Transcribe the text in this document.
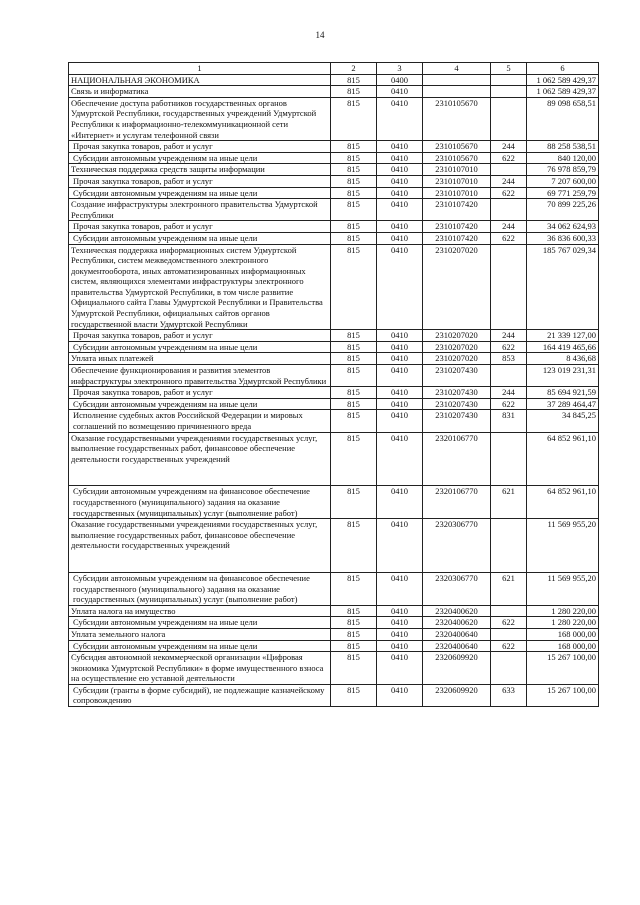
14
1	2	3	4	5	6
НАЦИОНАЛЬНАЯ ЭКОНОМИКА	815	0400			1 062 589 429,37
Связь и информатика	815	0410			1 062 589 429,37
Обеспечение доступа работников государственных органов Удмуртской Республики, государственных учреждений Удмуртской Республики к информационно-телекоммуникационной сети «Интернет» и услугам телефонной связи	815	0410	2310105670		89 098 658,51
Прочая закупка товаров, работ и услуг	815	0410	2310105670	244	88 258 538,51
Субсидии автономным учреждениям на иные цели	815	0410	2310105670	622	840 120,00
Техническая поддержка средств защиты информации	815	0410	2310107010		76 978 859,79
Прочая закупка товаров, работ и услуг	815	0410	2310107010	244	7 207 600,00
Субсидии автономным учреждениям на иные цели	815	0410	2310107010	622	69 771 259,79
Создание инфраструктуры электронного правительства Удмуртской Республики	815	0410	2310107420		70 899 225,26
Прочая закупка товаров, работ и услуг	815	0410	2310107420	244	34 062 624,93
Субсидии автономным учреждениям на иные цели	815	0410	2310107420	622	36 836 600,33
Техническая поддержка информационных систем Удмуртской Республики, систем межведомственного электронного документооборота, иных автоматизированных информационных систем, являющихся элементами инфраструктуры электронного правительства Удмуртской Республики, в том числе развитие Официального сайта Главы Удмуртской Республики и Правительства Удмуртской Республики, официальных сайтов органов государственной власти Удмуртской Республики	815	0410	2310207020		185 767 029,34
Прочая закупка товаров, работ и услуг	815	0410	2310207020	244	21 339 127,00
Субсидии автономным учреждениям на иные цели	815	0410	2310207020	622	164 419 465,66
Уплата иных платежей	815	0410	2310207020	853	8 436,68
Обеспечение функционирования и развития элементов инфраструктуры электронного правительства Удмуртской Республики	815	0410	2310207430		123 019 231,31
Прочая закупка товаров, работ и услуг	815	0410	2310207430	244	85 694 921,59
Субсидии автономным учреждениям на иные цели	815	0410	2310207430	622	37 289 464,47
Исполнение судебных актов Российской Федерации и мировых соглашений по возмещению причиненного вреда	815	0410	2310207430	831	34 845,25
Оказание государственными учреждениями государственных услуг, выполнение государственных работ, финансовое обеспечение деятельности государственных учреждений	815	0410	2320106770		64 852 961,10
Субсидии автономным учреждениям на финансовое обеспечение государственного (муниципального) задания на оказание государственных (муниципальных) услуг (выполнение работ)	815	0410	2320106770	621	64 852 961,10
Оказание государственными учреждениями государственных услуг, выполнение государственных работ, финансовое обеспечение деятельности государственных учреждений	815	0410	2320306770		11 569 955,20
Субсидии автономным учреждениям на финансовое обеспечение государственного (муниципального) задания на оказание государственных (муниципальных) услуг (выполнение работ)	815	0410	2320306770	621	11 569 955,20
Уплата налога на имущество	815	0410	2320400620		1 280 220,00
Субсидии автономным учреждениям на иные цели	815	0410	2320400620	622	1 280 220,00
Уплата земельного налога	815	0410	2320400640		168 000,00
Субсидии автономным учреждениям на иные цели	815	0410	2320400640	622	168 000,00
Субсидия автономной некоммерческой организации «Цифровая экономика Удмуртской Республики» в форме имущественного взноса на осуществление ею уставной деятельности	815	0410	2320609920		15 267 100,00
Субсидии (гранты в форме субсидий), не подлежащие казначейскому сопровождению	815	0410	2320609920	633	15 267 100,00
